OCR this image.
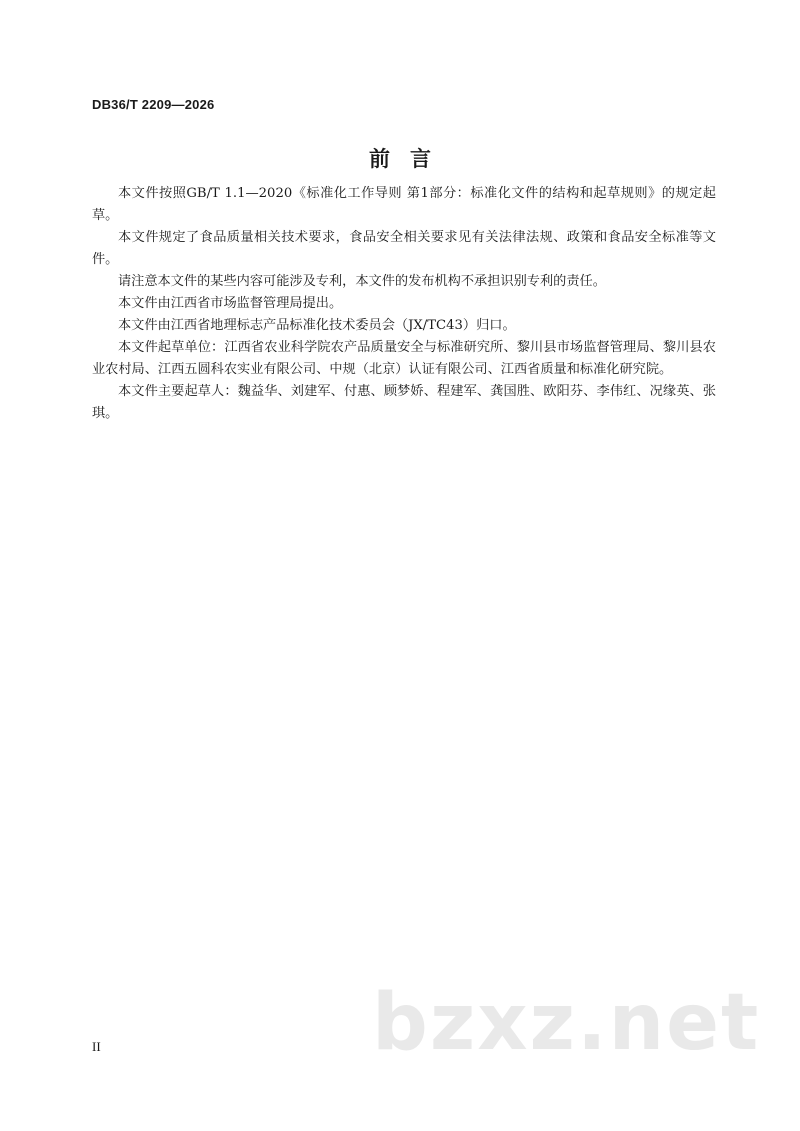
DB36/T 2209—2026
前言

本文件按照GB/T 1.1—2020《标准化工作导则 第1部分：标准化文件的结构和起草规则》的规定起草。

本文件规定了食品质量相关技术要求，食品安全相关要求见有关法律法规、政策和食品安全标准等文件。

请注意本文件的某些内容可能涉及专利，本文件的发布机构不承担识别专利的责任。

本文件由江西省市场监督管理局提出。

本文件由江西省地理标志产品标准化技术委员会（JX/TC43）归口。

本文件起草单位：江西省农业科学院农产品质量安全与标准研究所、黎川县市场监督管理局、黎川县农业农村局、江西五圆科农实业有限公司、中规（北京）认证有限公司、江西省质量和标准化研究院。

本文件主要起草人：魏益华、刘建军、付惠、顾梦娇、程建军、龚国胜、欧阳芬、李伟红、况缘英、张琪。

II	bzxz.net
